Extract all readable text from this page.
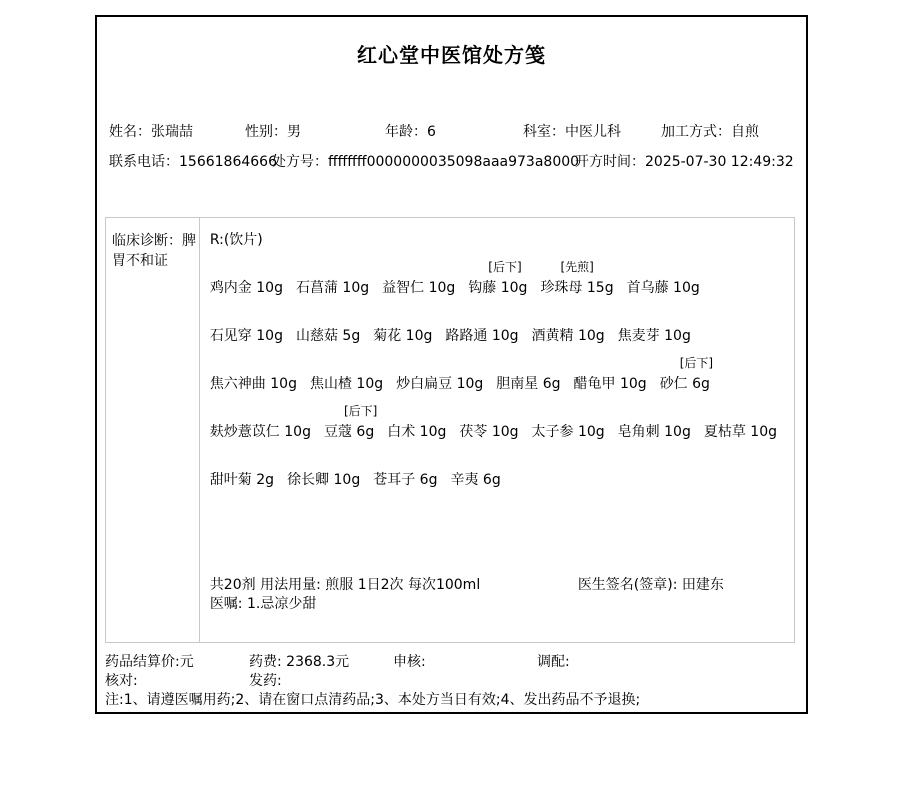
红心堂中医馆处方笺
姓名：张瑞喆	性别：男	年龄：6	科室：中医儿科	加工方式：自煎
联系电话：15661864666
处方号：ffffffff0000000035098aaa973a8000
开方时间：2025-07-30 12:49:32
临床诊断：脾胃不和证
R:(饮片)
鸡内金 10g 石菖蒲 10g 益智仁 10g 钩藤 10g
[后下]
珍珠母 15g
[先煎]
首乌藤 10g
石见穿 10g 山慈菇 5g 菊花 10g 路路通 10g 酒黄精 10g 焦麦芽 10g
焦六神曲 10g 焦山楂 10g 炒白扁豆 10g 胆南星 6g 醋龟甲 10g 砂仁 6g
[后下]
麸炒薏苡仁 10g 豆蔻 6g
[后下]
白术 10g 茯苓 10g 太子参 10g 皂角刺 10g 夏枯草 10g
甜叶菊 2g 徐长卿 10g 苍耳子 6g 辛夷 6g
共20剂 用法用量: 煎服 1日2次 每次100ml	医生签名(签章): 田建东
医嘱: 1.忌凉少甜
药品结算价:元	药费: 2368.3元	申核:	调配:
核对:	发药:
注:1、请遵医嘱用药;2、请在窗口点清药品;3、本处方当日有效;4、发出药品不予退换;
